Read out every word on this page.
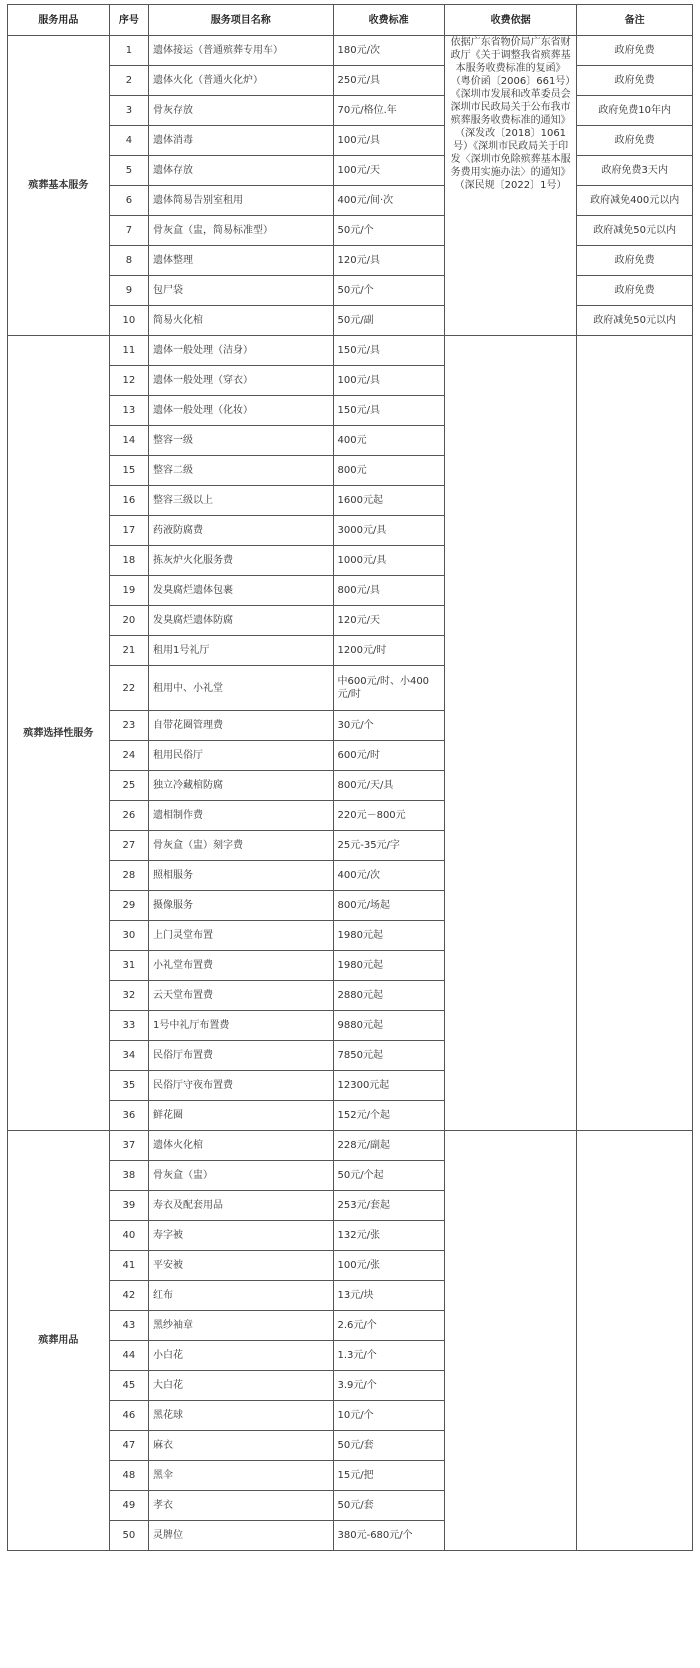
服务用品	序号	服务项目名称	收费标准	收费依据	备注
殡葬基本服务	1	遗体接运（普通殡葬专用车）	180元/次	依据广东省物价局广东省财政厅《关于调整我省殡葬基本服务收费标准的复函》（粤价函〔2006〕661号）《深圳市发展和改革委员会深圳市民政局关于公布我市殡葬服务收费标准的通知》（深发改〔2018〕1061号）《深圳市民政局关于印发〈深圳市免除殡葬基本服务费用实施办法〉的通知》（深民规〔2022〕1号）	政府免费
	2	遗体火化（普通火化炉）	250元/具		政府免费
	3	骨灰存放	70元/格位.年		政府免费10年内
	4	遗体消毒	100元/具		政府免费
	5	遗体存放	100元/天		政府免费3天内
	6	遗体简易告别室租用	400元/间·次		政府减免400元以内
	7	骨灰盒（盅，简易标准型）	50元/个		政府减免50元以内
	8	遗体整理	120元/具		政府免费
	9	包尸袋	50元/个		政府免费
	10	简易火化棺	50元/副		政府减免50元以内
殡葬选择性服务	11	遗体一般处理（洁身）	150元/具		
	12	遗体一般处理（穿衣）	100元/具		
	13	遗体一般处理（化妆）	150元/具		
	14	整容一级	400元		
	15	整容二级	800元		
	16	整容三级以上	1600元起		
	17	药液防腐费	3000元/具		
	18	拣灰炉火化服务费	1000元/具		
	19	发臭腐烂遗体包裹	800元/具		
	20	发臭腐烂遗体防腐	120元/天		
	21	租用1号礼厅	1200元/时		
	22	租用中、小礼堂	中600元/时、小400元/时		
	23	自带花圈管理费	30元/个		
	24	租用民俗厅	600元/时		
	25	独立冷藏棺防腐	800元/天/具		
	26	遗相制作费	220元－800元		
	27	骨灰盒（盅）刻字费	25元-35元/字		
	28	照相服务	400元/次		
	29	摄像服务	800元/场起		
	30	上门灵堂布置	1980元起		
	31	小礼堂布置费	1980元起		
	32	云天堂布置费	2880元起		
	33	1号中礼厅布置费	9880元起		
	34	民俗厅布置费	7850元起		
	35	民俗厅守夜布置费	12300元起		
	36	鲜花圈	152元/个起		
殡葬用品	37	遗体火化棺	228元/副起		
	38	骨灰盒（盅）	50元/个起		
	39	寿衣及配套用品	253元/套起		
	40	寿字被	132元/张		
	41	平安被	100元/张		
	42	红布	13元/块		
	43	黑纱袖章	2.6元/个		
	44	小白花	1.3元/个		
	45	大白花	3.9元/个		
	46	黑花球	10元/个		
	47	麻衣	50元/套		
	48	黑伞	15元/把		
	49	孝衣	50元/套		
	50	灵牌位	380元-680元/个		
